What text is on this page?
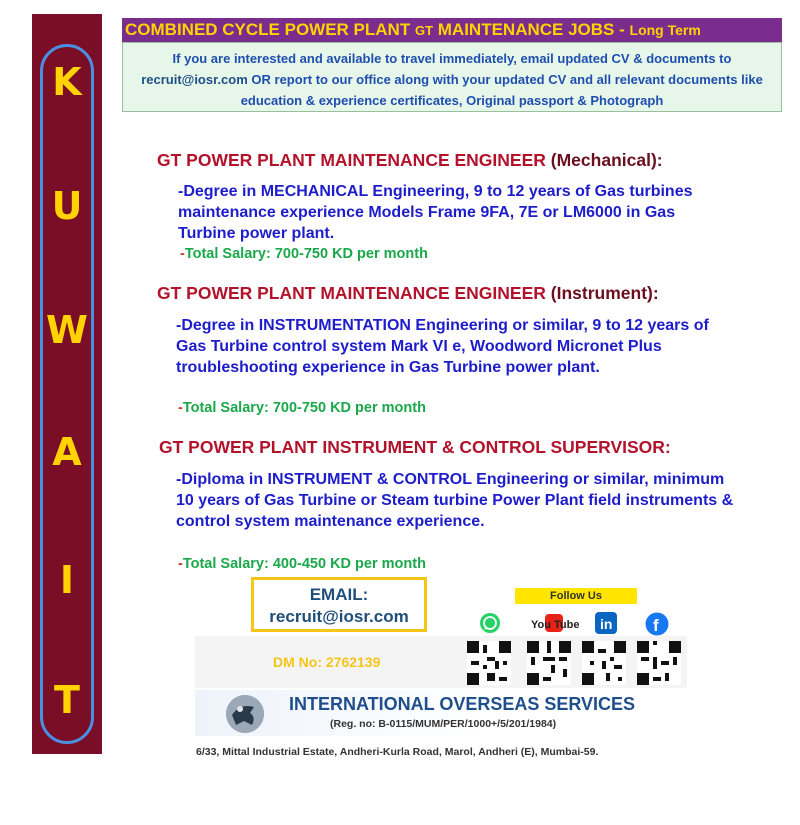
K
U
W
A
I
T
COMBINED CYCLE POWER PLANT GT MAINTENANCE JOBS - Long Term
If you are interested and available to travel immediately, email updated CV & documents to
recruit@iosr.com OR report to our office along with your updated CV and all relevant documents like
education & experience certificates, Original passport & Photograph
GT POWER PLANT MAINTENANCE ENGINEER (Mechanical):
-Degree in MECHANICAL Engineering, 9 to 12 years of Gas turbines maintenance experience Models Frame 9FA, 7E or LM6000 in Gas Turbine power plant.
-Total Salary: 700-750 KD per month
GT POWER PLANT MAINTENANCE ENGINEER (Instrument):
-Degree in INSTRUMENTATION Engineering or similar, 9 to 12 years of Gas Turbine control system Mark VI e, Woodword Micronet Plus troubleshooting experience in Gas Turbine power plant.
-Total Salary: 700-750 KD per month
GT POWER PLANT INSTRUMENT & CONTROL SUPERVISOR:
-Diploma in INSTRUMENT & CONTROL Engineering or similar, minimum 10 years of Gas Turbine or Steam turbine Power Plant field instruments & control system maintenance experience.
-Total Salary: 400-450 KD per month
EMAIL:
recruit@iosr.com
Follow Us
You Tube in f
DM No: 2762139
INTERNATIONAL OVERSEAS SERVICES
(Reg. no: B-0115/MUM/PER/1000+/5/201/1984)
6/33, Mittal Industrial Estate, Andheri-Kurla Road, Marol, Andheri (E), Mumbai-59.
